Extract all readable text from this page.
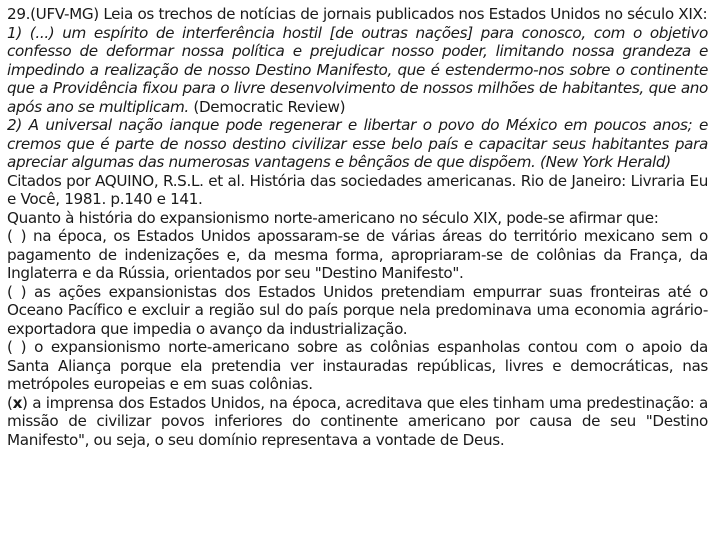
29.(UFV-MG) Leia os trechos de notícias de jornais publicados nos Estados Unidos no século XIX:

1) (...) um espírito de interferência hostil [de outras nações] para conosco, com o objetivo confesso de deformar nossa política e prejudicar nosso poder, limitando nossa grandeza e impedindo a realização de nosso Destino Manifesto, que é estendermo-nos sobre o continente que a Providência fixou para o livre desenvolvimento de nossos milhões de habitantes, que ano após ano se multiplicam. (Democratic Review)

2) A universal nação ianque pode regenerar e libertar o povo do México em poucos anos; e cremos que é parte de nosso destino civilizar esse belo país e capacitar seus habitantes para apreciar algumas das numerosas vantagens e bênçãos de que dispõem. (New York Herald)

Citados por AQUINO, R.S.L. et al. História das sociedades americanas. Rio de Janeiro: Livraria Eu e Você, 1981. p.140 e 141.

Quanto à história do expansionismo norte-americano no século XIX, pode-se afirmar que:

( ) na época, os Estados Unidos apossaram-se de várias áreas do território mexicano sem o pagamento de indenizações e, da mesma forma, apropriaram-se de colônias da França, da Inglaterra e da Rússia, orientados por seu "Destino Manifesto".

( ) as ações expansionistas dos Estados Unidos pretendiam empurrar suas fronteiras até o Oceano Pacífico e excluir a região sul do país porque nela predominava uma economia agrário-exportadora que impedia o avanço da industrialização.

( ) o expansionismo norte-americano sobre as colônias espanholas contou com o apoio da Santa Aliança porque ela pretendia ver instauradas repúblicas, livres e democráticas, nas metrópoles europeias e em suas colônias.

(x) a imprensa dos Estados Unidos, na época, acreditava que eles tinham uma predestinação: a missão de civilizar povos inferiores do continente americano por causa de seu "Destino Manifesto", ou seja, o seu domínio representava a vontade de Deus.
